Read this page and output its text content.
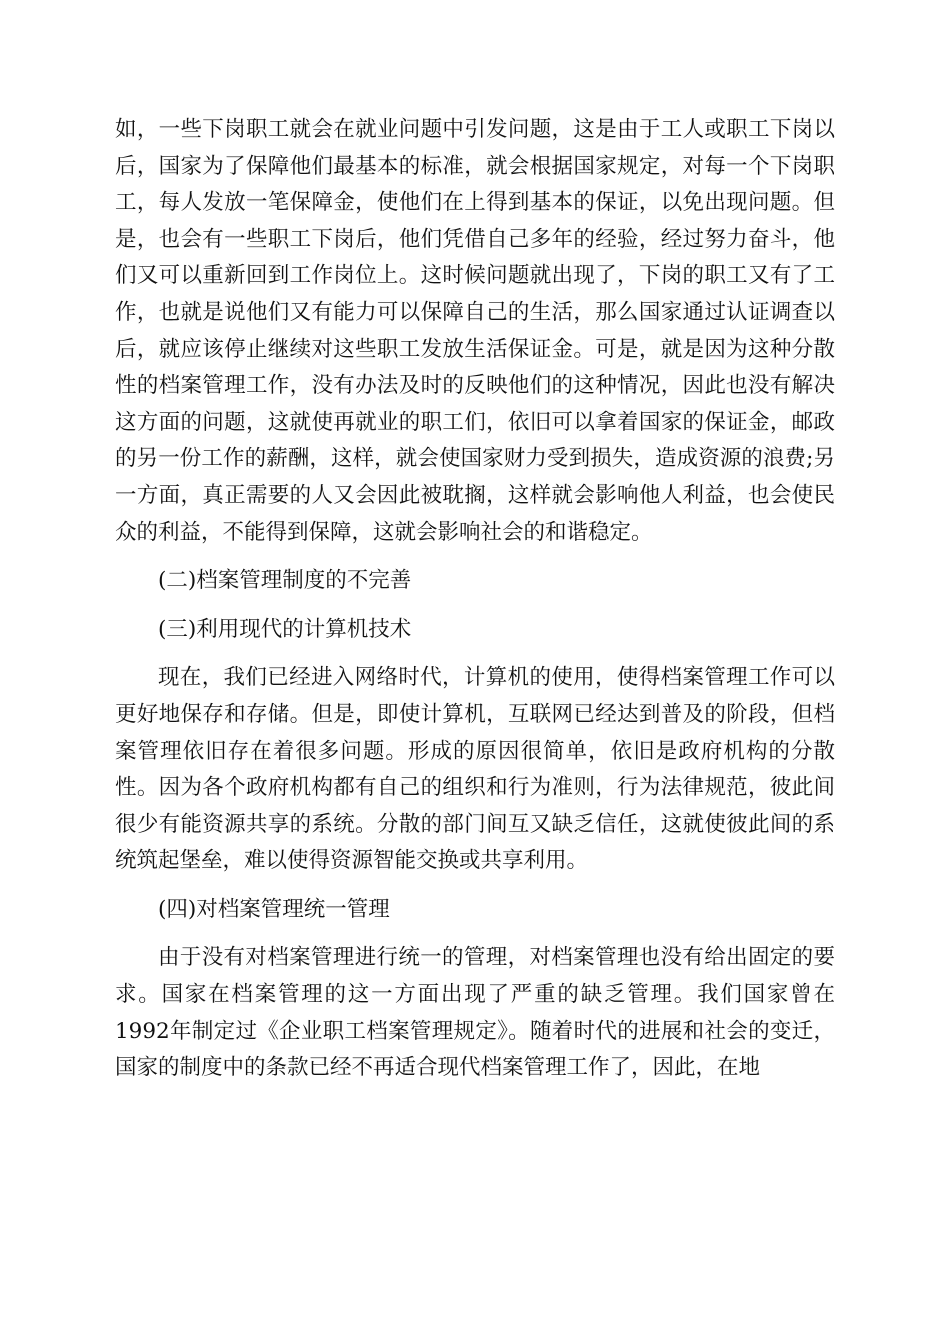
如，一些下岗职工就会在就业问题中引发问题，这是由于工人或职工下岗以后，国家为了保障他们最基本的标准，就会根据国家规定，对每一个下岗职工，每人发放一笔保障金，使他们在上得到基本的保证，以免出现问题。但是，也会有一些职工下岗后，他们凭借自己多年的经验，经过努力奋斗，他们又可以重新回到工作岗位上。这时候问题就出现了，下岗的职工又有了工作，也就是说他们又有能力可以保障自己的生活，那么国家通过认证调查以后，就应该停止继续对这些职工发放生活保证金。可是，就是因为这种分散性的档案管理工作，没有办法及时的反映他们的这种情况，因此也没有解决这方面的问题，这就使再就业的职工们，依旧可以拿着国家的保证金，邮政的另一份工作的薪酬，这样，就会使国家财力受到损失，造成资源的浪费;另一方面，真正需要的人又会因此被耽搁，这样就会影响他人利益，也会使民众的利益，不能得到保障，这就会影响社会的和谐稳定。

(二)档案管理制度的不完善

(三)利用现代的计算机技术

现在，我们已经进入网络时代，计算机的使用，使得档案管理工作可以更好地保存和存储。但是，即使计算机，互联网已经达到普及的阶段，但档案管理依旧存在着很多问题。形成的原因很简单，依旧是政府机构的分散性。因为各个政府机构都有自己的组织和行为准则，行为法律规范，彼此间很少有能资源共享的系统。分散的部门间互又缺乏信任，这就使彼此间的系统筑起堡垒，难以使得资源智能交换或共享利用。

(四)对档案管理统一管理

由于没有对档案管理进行统一的管理，对档案管理也没有给出固定的要求。国家在档案管理的这一方面出现了严重的缺乏管理。我们国家曾在1992年制定过《企业职工档案管理规定》。随着时代的进展和社会的变迁，国家的制度中的条款已经不再适合现代档案管理工作了，因此，在地
